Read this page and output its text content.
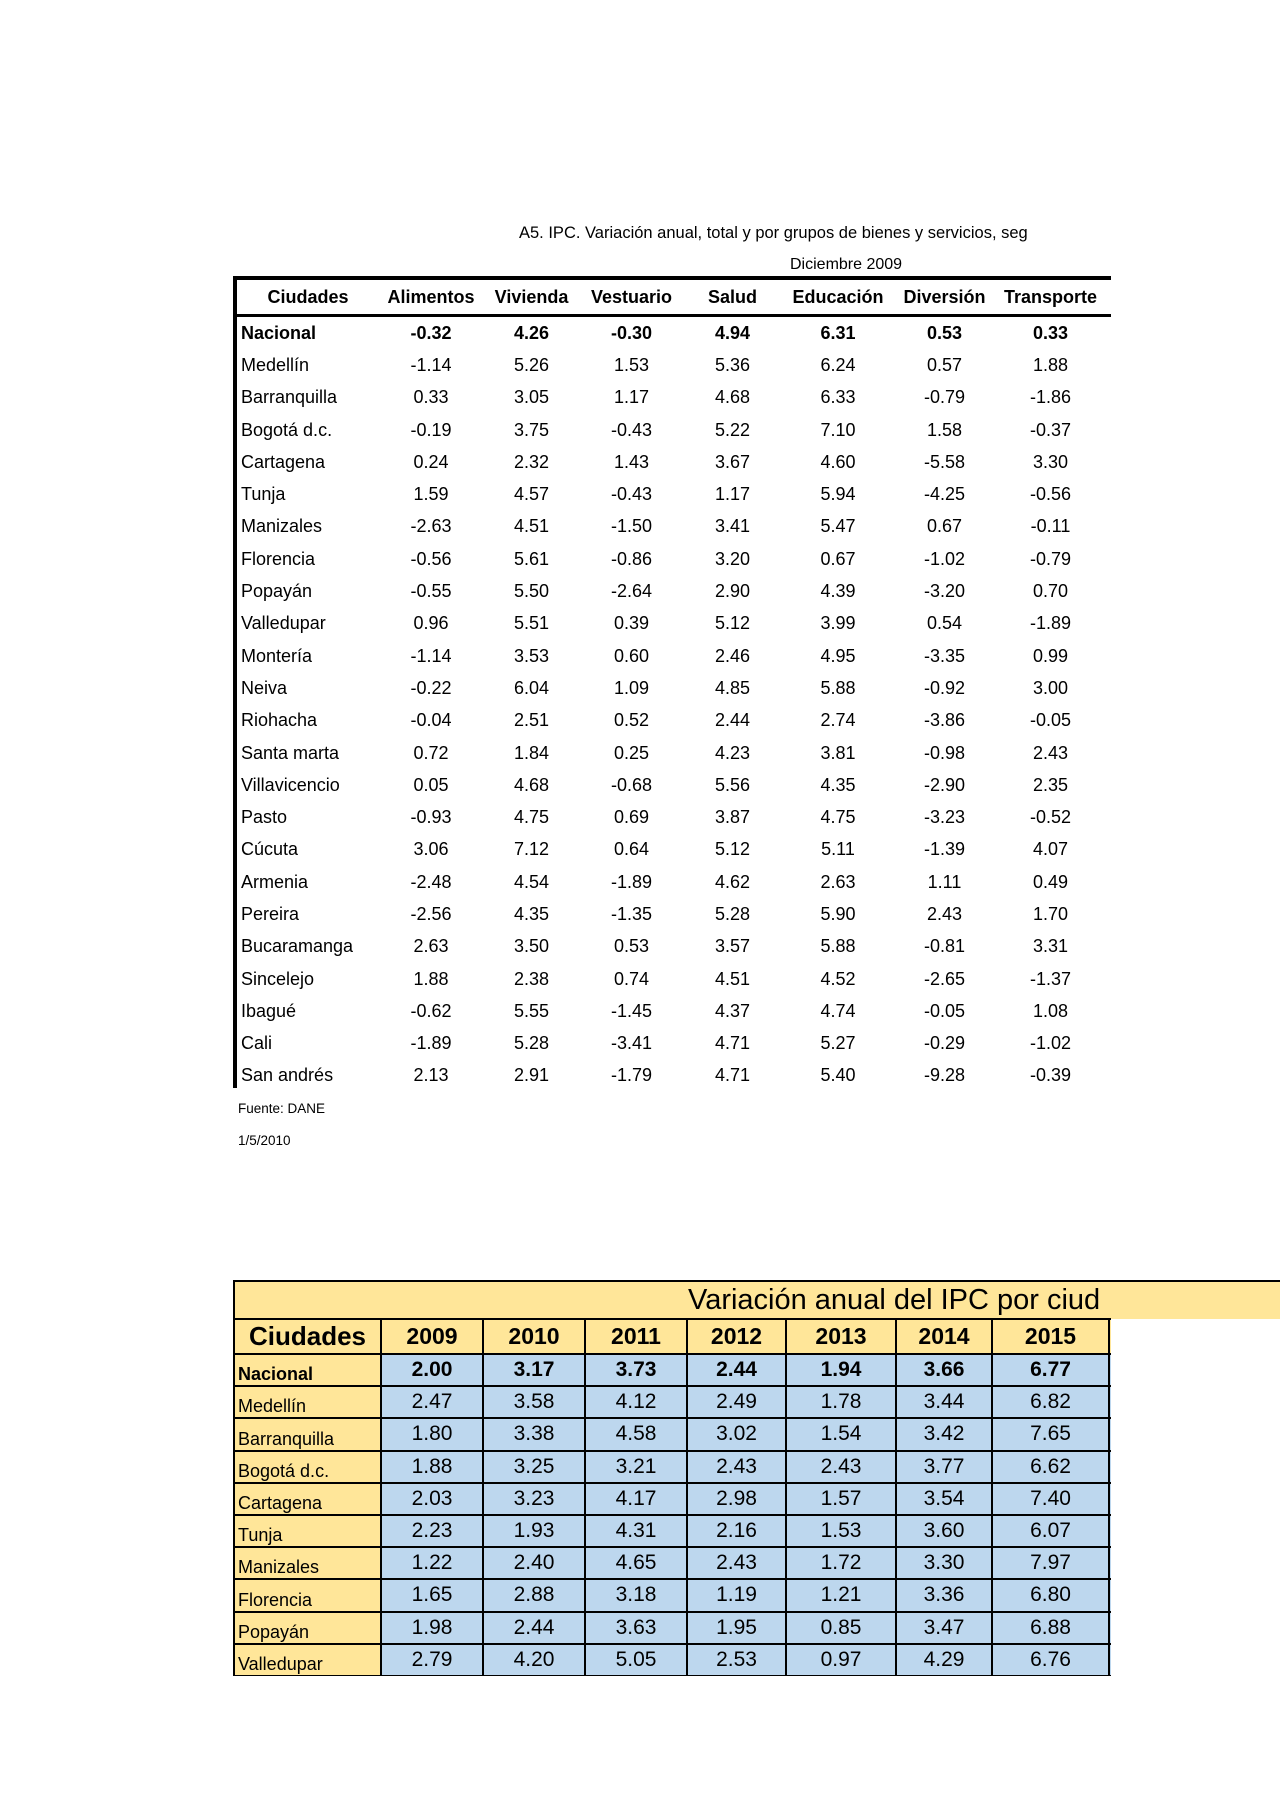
A5. IPC. Variación anual, total y por grupos de bienes y servicios, seg
Diciembre 2009
Ciudades	Alimentos	Vivienda	Vestuario	Salud	Educación	Diversión	Transporte	
Nacional	-0.32	4.26	-0.30	4.94	6.31	0.53	0.33	
Medellín	-1.14	5.26	1.53	5.36	6.24	0.57	1.88	
Barranquilla	0.33	3.05	1.17	4.68	6.33	-0.79	-1.86	
Bogotá d.c.	-0.19	3.75	-0.43	5.22	7.10	1.58	-0.37	
Cartagena	0.24	2.32	1.43	3.67	4.60	-5.58	3.30	
Tunja	1.59	4.57	-0.43	1.17	5.94	-4.25	-0.56	
Manizales	-2.63	4.51	-1.50	3.41	5.47	0.67	-0.11	
Florencia	-0.56	5.61	-0.86	3.20	0.67	-1.02	-0.79	
Popayán	-0.55	5.50	-2.64	2.90	4.39	-3.20	0.70	
Valledupar	0.96	5.51	0.39	5.12	3.99	0.54	-1.89	
Montería	-1.14	3.53	0.60	2.46	4.95	-3.35	0.99	
Neiva	-0.22	6.04	1.09	4.85	5.88	-0.92	3.00	
Riohacha	-0.04	2.51	0.52	2.44	2.74	-3.86	-0.05	
Santa marta	0.72	1.84	0.25	4.23	3.81	-0.98	2.43	
Villavicencio	0.05	4.68	-0.68	5.56	4.35	-2.90	2.35	
Pasto	-0.93	4.75	0.69	3.87	4.75	-3.23	-0.52	
Cúcuta	3.06	7.12	0.64	5.12	5.11	-1.39	4.07	
Armenia	-2.48	4.54	-1.89	4.62	2.63	1.11	0.49	
Pereira	-2.56	4.35	-1.35	5.28	5.90	2.43	1.70	
Bucaramanga	2.63	3.50	0.53	3.57	5.88	-0.81	3.31	
Sincelejo	1.88	2.38	0.74	4.51	4.52	-2.65	-1.37	
Ibagué	-0.62	5.55	-1.45	4.37	4.74	-0.05	1.08	
Cali	-1.89	5.28	-3.41	4.71	5.27	-0.29	-1.02	
San andrés	2.13	2.91	-1.79	4.71	5.40	-9.28	-0.39	
Fuente: DANE
1/5/2010
Variación anual del IPC por ciud
Ciudades	2009	2010	2011	2012	2013	2014	2015	
Nacional	2.00	3.17	3.73	2.44	1.94	3.66	6.77	
Medellín	2.47	3.58	4.12	2.49	1.78	3.44	6.82	
Barranquilla	1.80	3.38	4.58	3.02	1.54	3.42	7.65	
Bogotá d.c.	1.88	3.25	3.21	2.43	2.43	3.77	6.62	
Cartagena	2.03	3.23	4.17	2.98	1.57	3.54	7.40	
Tunja	2.23	1.93	4.31	2.16	1.53	3.60	6.07	
Manizales	1.22	2.40	4.65	2.43	1.72	3.30	7.97	
Florencia	1.65	2.88	3.18	1.19	1.21	3.36	6.80	
Popayán	1.98	2.44	3.63	1.95	0.85	3.47	6.88	
Valledupar	2.79	4.20	5.05	2.53	0.97	4.29	6.76	
